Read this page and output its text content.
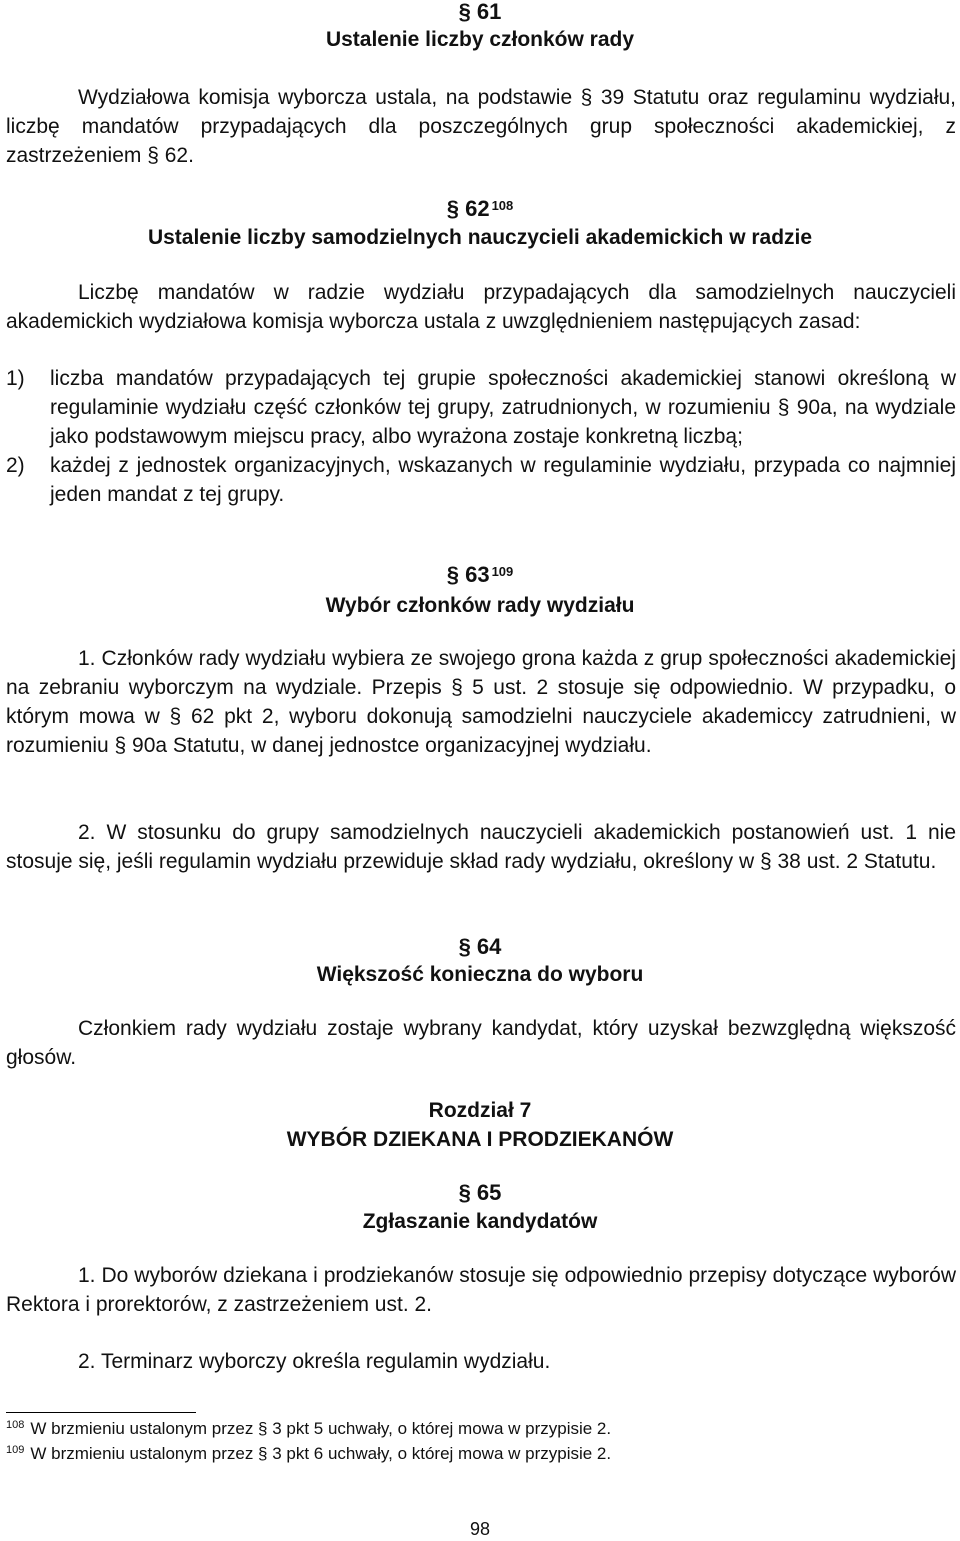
§ 61
Ustalenie liczby członków rady
Wydziałowa komisja wyborcza ustala, na podstawie § 39 Statutu oraz regulaminu wydziału, liczbę mandatów przypadających dla poszczególnych grup społeczności akademickiej, z zastrzeżeniem § 62.
§ 62 $^{108}$
Ustalenie liczby samodzielnych nauczycieli akademickich w radzie
Liczbę mandatów w radzie wydziału przypadających dla samodzielnych nauczycieli akademickich wydziałowa komisja wyborcza ustala z uwzględnieniem następujących zasad:
1) liczba mandatów przypadających tej grupie społeczności akademickiej stanowi określoną w regulaminie wydziału część członków tej grupy, zatrudnionych, w rozumieniu § 90a, na wydziale jako podstawowym miejscu pracy, albo wyrażona zostaje konkretną liczbą;
2) każdej z jednostek organizacyjnych, wskazanych w regulaminie wydziału, przypada co najmniej jeden mandat z tej grupy.
§ 63 $^{109}$
Wybór członków rady wydziału
1. Członków rady wydziału wybiera ze swojego grona każda z grup społeczności akademickiej na zebraniu wyborczym na wydziale. Przepis § 5 ust. 2 stosuje się odpowiednio. W przypadku, o którym mowa w § 62 pkt 2, wyboru dokonują samodzielni nauczyciele akademiccy zatrudnieni, w rozumieniu § 90a Statutu, w danej jednostce organizacyjnej wydziału.
2. W stosunku do grupy samodzielnych nauczycieli akademickich postanowień ust. 1 nie stosuje się, jeśli regulamin wydziału przewiduje skład rady wydziału, określony w § 38 ust. 2 Statutu.
§ 64
Większość konieczna do wyboru
Członkiem rady wydziału zostaje wybrany kandydat, który uzyskał bezwzględną większość głosów.
Rozdział 7
WYBÓR DZIEKANA I PRODZIEKANÓW
§ 65
Zgłaszanie kandydatów
1. Do wyborów dziekana i prodziekanów stosuje się odpowiednio przepisy dotyczące wyborów Rektora i prorektorów, z zastrzeżeniem ust. 2.
2. Terminarz wyborczy określa regulamin wydziału.
$^{108}$ W brzmieniu ustalonym przez § 3 pkt 5 uchwały, o której mowa w przypisie 2.
$^{109}$ W brzmieniu ustalonym przez § 3 pkt 6 uchwały, o której mowa w przypisie 2.
98
